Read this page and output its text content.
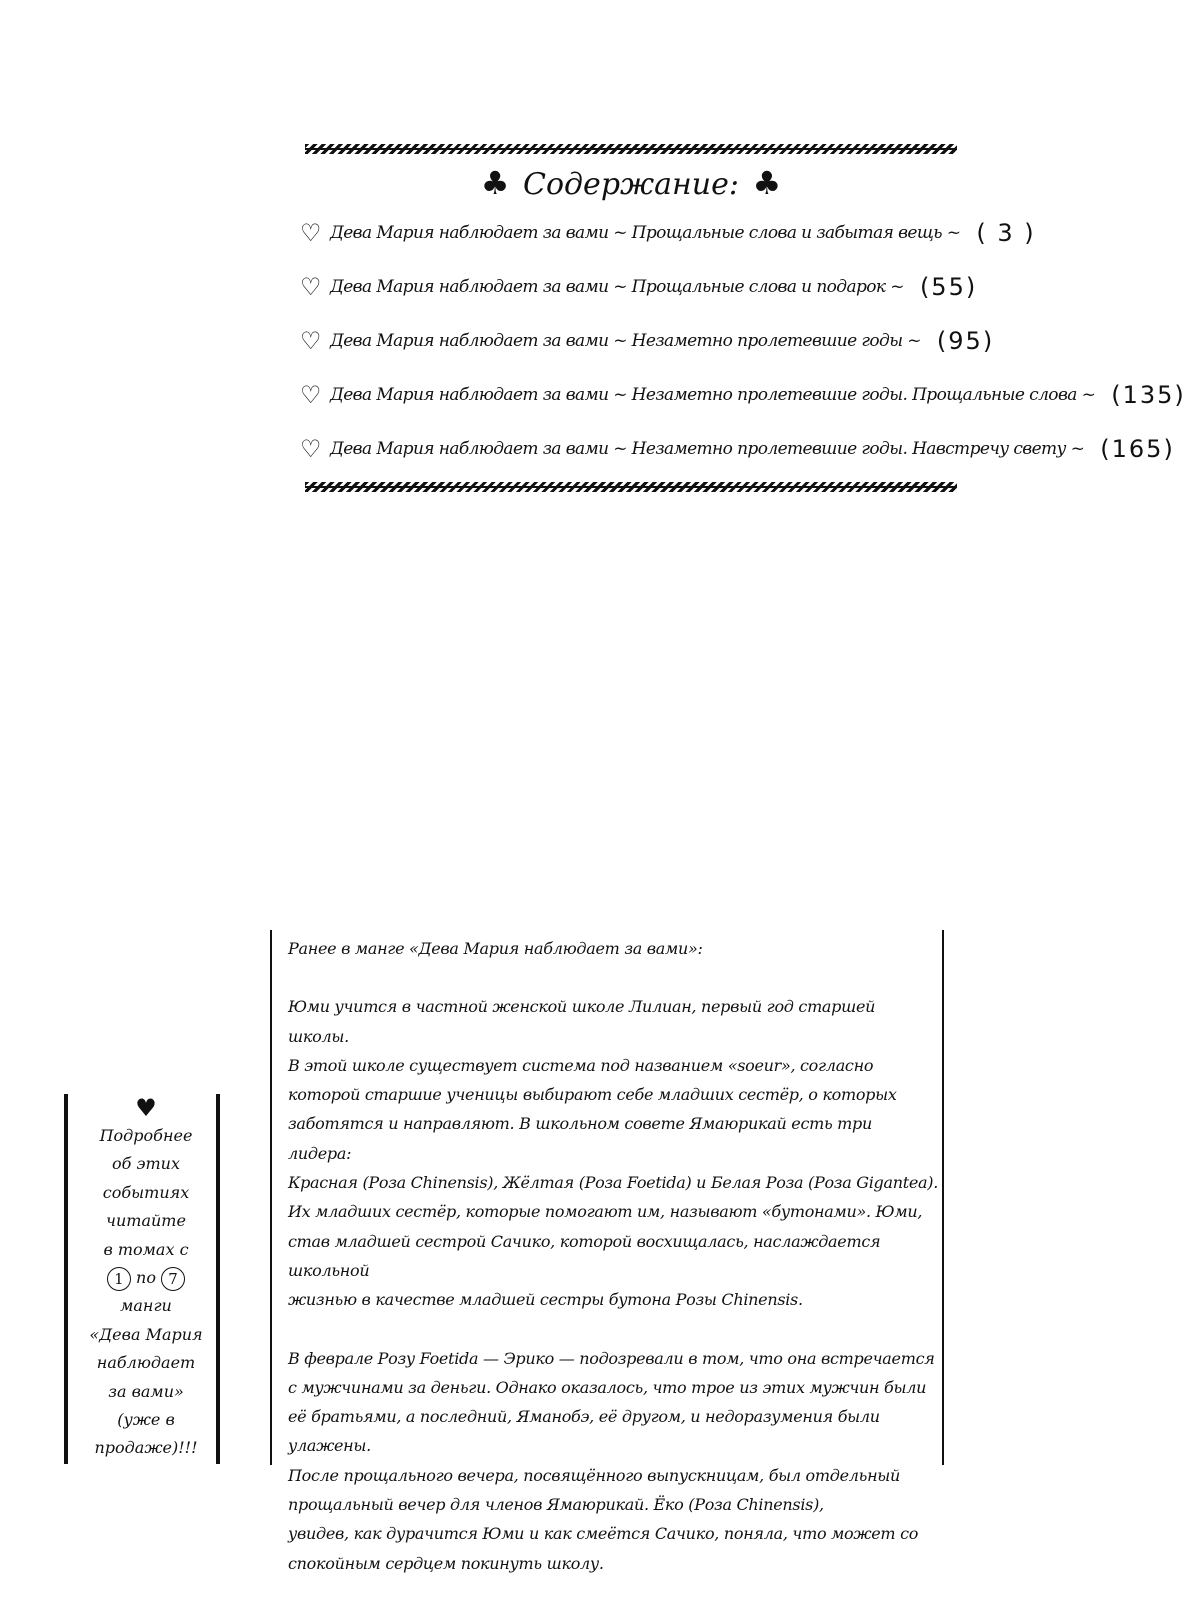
♣ Содержание: ♣
♡ Дева Мария наблюдает за вами ~ Прощальные слова и забытая вещь ~ ( 3 )
♡ Дева Мария наблюдает за вами ~ Прощальные слова и подарок ~ (55)
♡ Дева Мария наблюдает за вами ~ Незаметно пролетевшие годы ~ (95)
♡ Дева Мария наблюдает за вами ~ Незаметно пролетевшие годы. Прощальные слова ~ (135)
♡ Дева Мария наблюдает за вами ~ Незаметно пролетевшие годы. Навстречу свету ~ (165)

Ранее в манге «Дева Мария наблюдает за вами»:

Юми учится в частной женской школе Лилиан, первый год старшей школы.

В этой школе существует система под названием «soeur», согласно

которой старшие ученицы выбирают себе младших сестёр, о которых

заботятся и направляют. В школьном совете Ямаюрикай есть три лидера:

Красная (Роза Chinensis), Жёлтая (Роза Foetida) и Белая Роза (Роза Gigantea).

Их младших сестёр, которые помогают им, называют «бутонами». Юми,

став младшей сестрой Сачико, которой восхищалась, наслаждается школьной

жизнью в качестве младшей сестры бутона Розы Chinensis.

В феврале Розу Foetida — Эрико — подозревали в том, что она встречается

с мужчинами за деньги. Однако оказалось, что трое из этих мужчин были

её братьями, а последний, Яманобэ, её другом, и недоразумения были улажены.

После прощального вечера, посвящённого выпускницам, был отдельный

прощальный вечер для членов Ямаюрикай. Ёко (Роза Chinensis),

увидев, как дурачится Юми и как смеётся Сачико, поняла, что может со

спокойным сердцем покинуть школу.

♥
Подробнее
об этих
событиях
читайте
в томах с
1 по 7
манги
«Дева Мария
наблюдает
за вами»
(уже в
продаже)!!!
